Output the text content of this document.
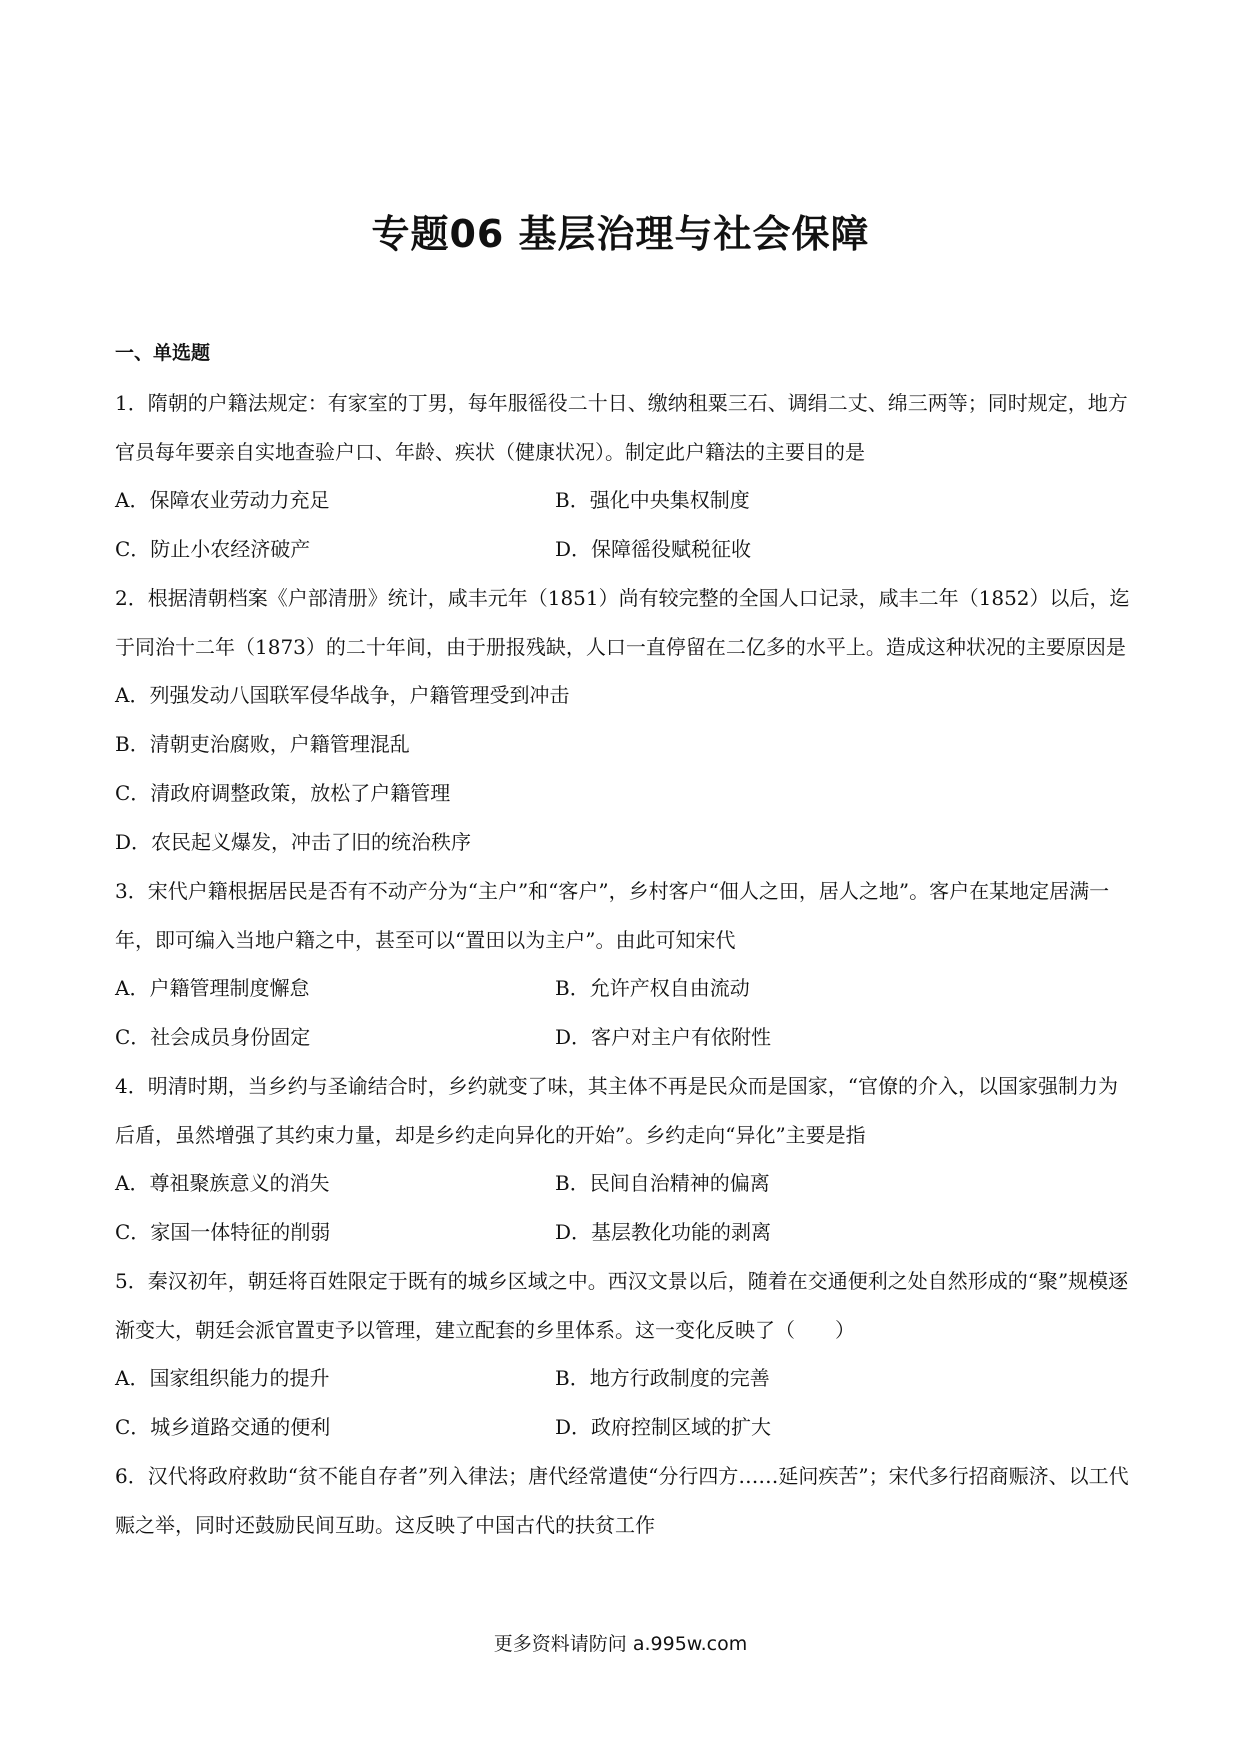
专题06 基层治理与社会保障
一、单选题

1．隋朝的户籍法规定：有家室的丁男，每年服徭役二十日、缴纳租粟三石、调绢二丈、绵三两等；同时规定，地方官员每年要亲自实地查验户口、年龄、疾状（健康状况）。制定此户籍法的主要目的是

A．保障农业劳动力充足	B．强化中央集权制度
C．防止小农经济破产	D．保障徭役赋税征收

2．根据清朝档案《户部清册》统计，咸丰元年（1851）尚有较完整的全国人口记录，咸丰二年（1852）以后，迄于同治十二年（1873）的二十年间，由于册报残缺，人口一直停留在二亿多的水平上。造成这种状况的主要原因是

A．列强发动八国联军侵华战争，户籍管理受到冲击
B．清朝吏治腐败，户籍管理混乱
C．清政府调整政策，放松了户籍管理
D．农民起义爆发，冲击了旧的统治秩序

3．宋代户籍根据居民是否有不动产分为“主户”和“客户”，乡村客户“佃人之田，居人之地”。客户在某地定居满一年，即可编入当地户籍之中，甚至可以“置田以为主户”。由此可知宋代

A．户籍管理制度懈怠	B．允许产权自由流动
C．社会成员身份固定	D．客户对主户有依附性

4．明清时期，当乡约与圣谕结合时，乡约就变了味，其主体不再是民众而是国家，“官僚的介入，以国家强制力为后盾，虽然增强了其约束力量，却是乡约走向异化的开始”。乡约走向“异化”主要是指

A．尊祖聚族意义的消失	B．民间自治精神的偏离
C．家国一体特征的削弱	D．基层教化功能的剥离

5．秦汉初年，朝廷将百姓限定于既有的城乡区域之中。西汉文景以后，随着在交通便利之处自然形成的“聚”规模逐渐变大，朝廷会派官置吏予以管理，建立配套的乡里体系。这一变化反映了（　　）

A．国家组织能力的提升	B．地方行政制度的完善
C．城乡道路交通的便利	D．政府控制区域的扩大

6．汉代将政府救助“贫不能自存者”列入律法；唐代经常遣使“分行四方……延问疾苦”；宋代多行招商赈济、以工代赈之举，同时还鼓励民间互助。这反映了中国古代的扶贫工作

更多资料请防问 a.995w.com
